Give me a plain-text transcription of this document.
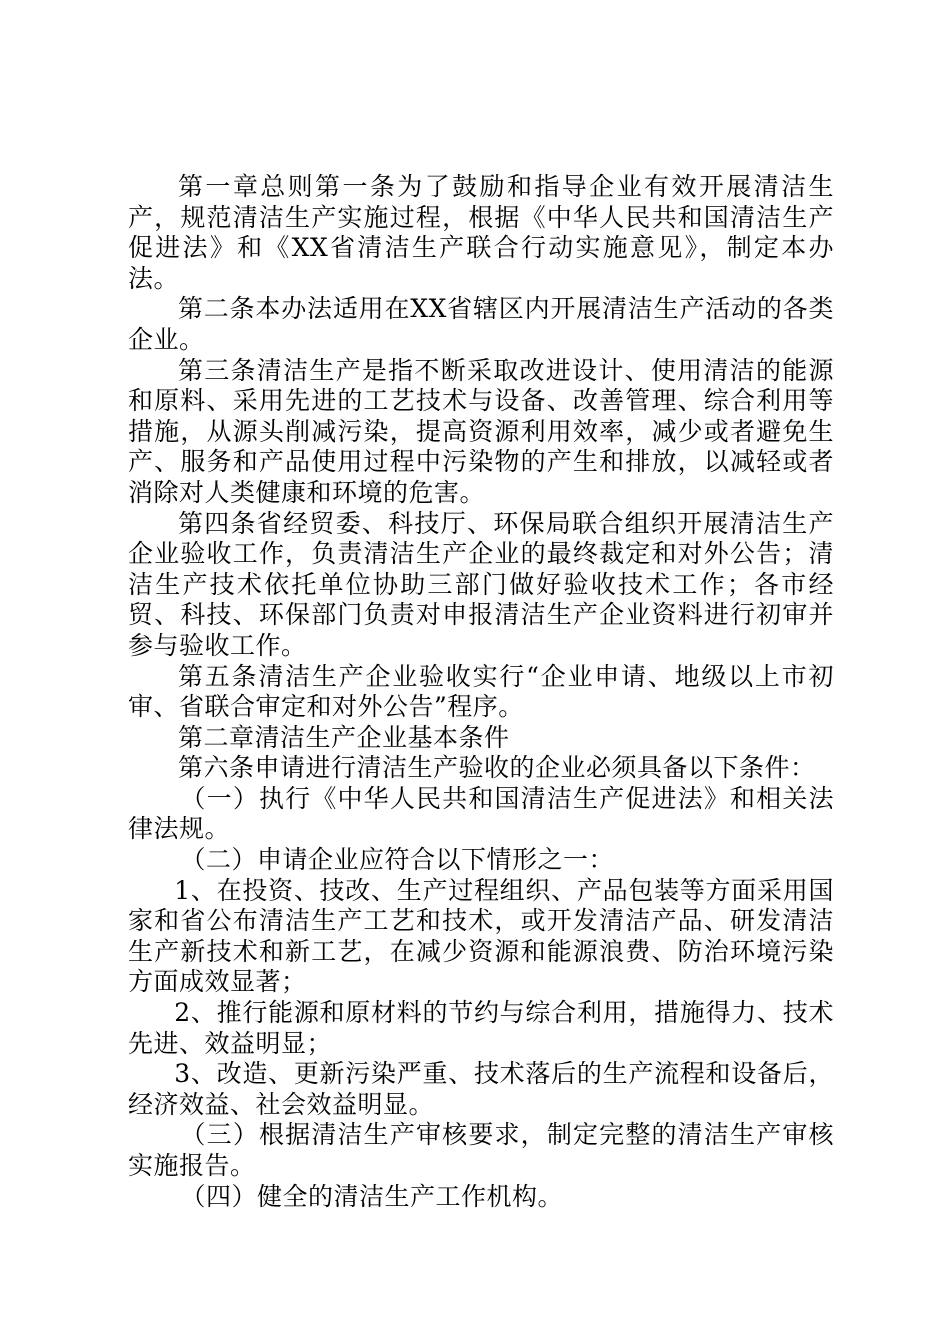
第一章总则第一条为了鼓励和指导企业有效开展清洁生产，规范清洁生产实施过程，根据《中华人民共和国清洁生产促进法》和《XX省清洁生产联合行动实施意见》，制定本办法。

第二条本办法适用在XX省辖区内开展清洁生产活动的各类企业。

第三条清洁生产是指不断采取改进设计、使用清洁的能源和原料、采用先进的工艺技术与设备、改善管理、综合利用等措施，从源头削减污染，提高资源利用效率，减少或者避免生产、服务和产品使用过程中污染物的产生和排放，以减轻或者消除对人类健康和环境的危害。

第四条省经贸委、科技厅、环保局联合组织开展清洁生产企业验收工作，负责清洁生产企业的最终裁定和对外公告；清洁生产技术依托单位协助三部门做好验收技术工作；各市经贸、科技、环保部门负责对申报清洁生产企业资料进行初审并参与验收工作。

第五条清洁生产企业验收实行“企业申请、地级以上市初审、省联合审定和对外公告”程序。

第二章清洁生产企业基本条件

第六条申请进行清洁生产验收的企业必须具备以下条件：

（一）执行《中华人民共和国清洁生产促进法》和相关法律法规。

（二）申请企业应符合以下情形之一：

1、在投资、技改、生产过程组织、产品包装等方面采用国家和省公布清洁生产工艺和技术，或开发清洁产品、研发清洁生产新技术和新工艺，在减少资源和能源浪费、防治环境污染方面成效显著；

2、推行能源和原材料的节约与综合利用，措施得力、技术先进、效益明显；

3、改造、更新污染严重、技术落后的生产流程和设备后，经济效益、社会效益明显。

（三）根据清洁生产审核要求，制定完整的清洁生产审核实施报告。

（四）健全的清洁生产工作机构。
